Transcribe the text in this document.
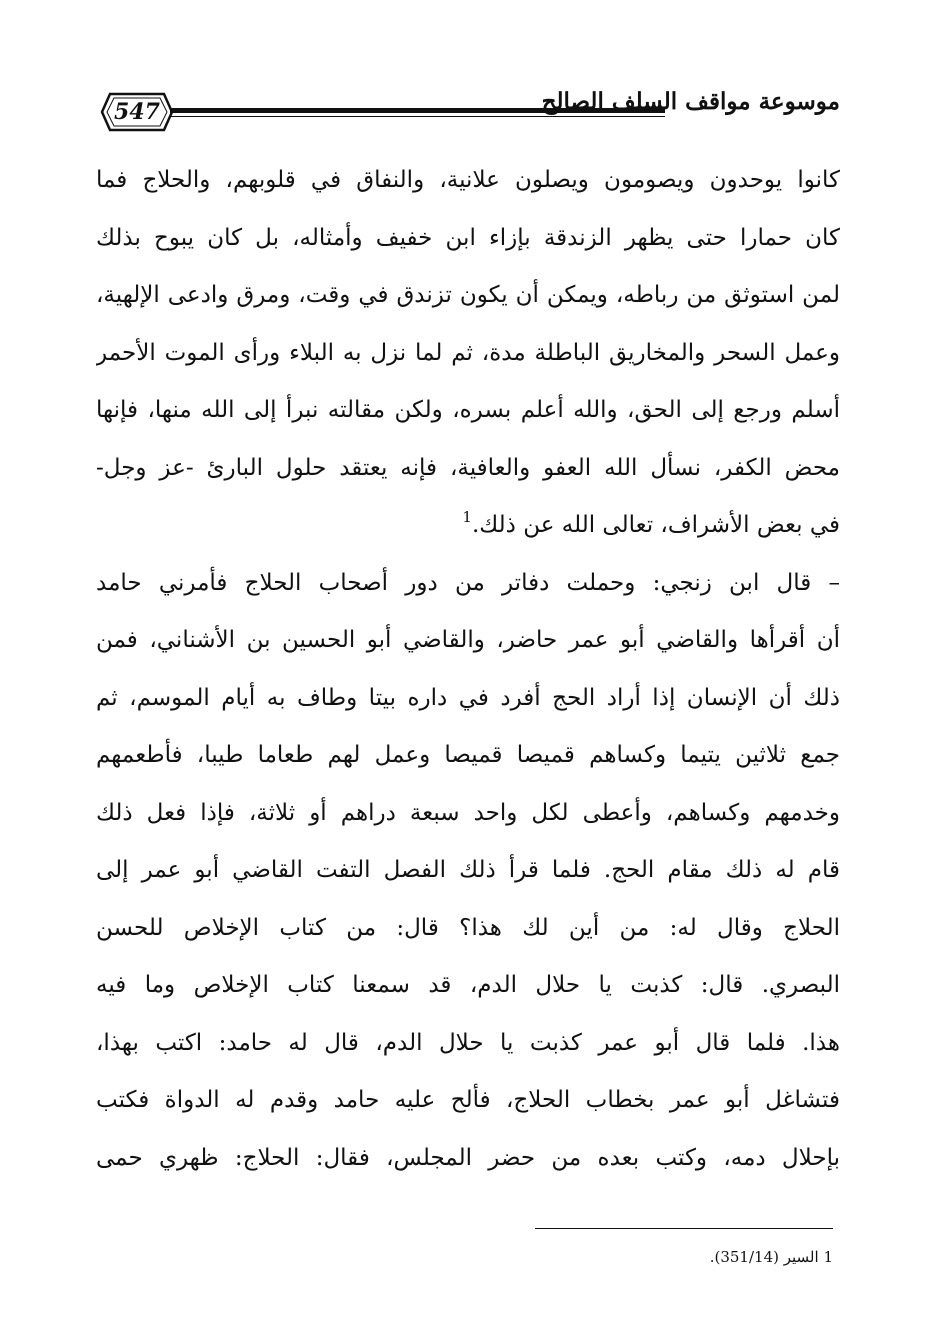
547	موسوعة مواقف السلف الصالح
كانوا يوحدون ويصومون ويصلون علانية، والنفاق في قلوبهم، والحلاج فما
كان حمارا حتى يظهر الزندقة بإزاء ابن خفيف وأمثاله، بل كان يبوح بذلك
لمن استوثق من رباطه، ويمكن أن يكون تزندق في وقت، ومرق وادعى الإلهية،
وعمل السحر والمخاريق الباطلة مدة، ثم لما نزل به البلاء ورأى الموت الأحمر
أسلم ورجع إلى الحق، والله أعلم بسره، ولكن مقالته نبرأ إلى الله منها، فإنها
محض الكفر، نسأل الله العفو والعافية، فإنه يعتقد حلول البارئ -عز وجل-
في بعض الأشراف، تعالى الله عن ذلك.$^1$
– قال ابن زنجي: وحملت دفاتر من دور أصحاب الحلاج فأمرني حامد
أن أقرأها والقاضي أبو عمر حاضر، والقاضي أبو الحسين بن الأشناني، فمن
ذلك أن الإنسان إذا أراد الحج أفرد في داره بيتا وطاف به أيام الموسم، ثم
جمع ثلاثين يتيما وكساهم قميصا قميصا وعمل لهم طعاما طيبا، فأطعمهم
وخدمهم وكساهم، وأعطى لكل واحد سبعة دراهم أو ثلاثة، فإذا فعل ذلك
قام له ذلك مقام الحج. فلما قرأ ذلك الفصل التفت القاضي أبو عمر إلى
الحلاج وقال له: من أين لك هذا؟ قال: من كتاب الإخلاص للحسن
البصري. قال: كذبت يا حلال الدم، قد سمعنا كتاب الإخلاص وما فيه
هذا. فلما قال أبو عمر كذبت يا حلال الدم، قال له حامد: اكتب بهذا،
فتشاغل أبو عمر بخطاب الحلاج، فألح عليه حامد وقدم له الدواة فكتب
بإحلال دمه، وكتب بعده من حضر المجلس، فقال: الحلاج: ظهري حمى
1 السير (351/14).
